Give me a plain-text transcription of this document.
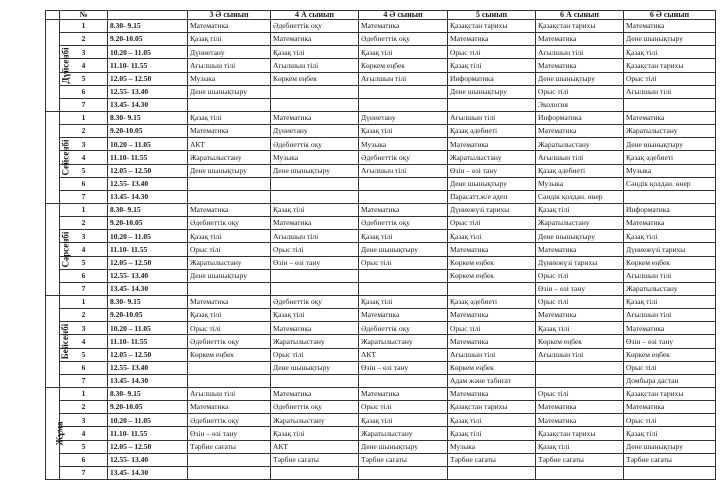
	№		3 Ә сынып	4 А сынып	4 Ә сынып	5 сынып	6 А сынып	6 Ә сынып
Дүйсенбі	1	8.30- 9.15	Математика	Әдебиеттік оқу	Математика	Қазақстан тарихы	Қазақстан тарихы	Математика
	2	9.20-10.05	Қазақ тілі	Математика	Әдебиеттік оқу	Математика	Математика	Дене шынықтыру
	3	10.20 – 11.05	Дүниетану	Қазақ тілі	Қазақ тілі	Орыс тілі	Ағылшын тілі	Қазақ тілі
	4	11.10- 11.55	Ағылшын тілі	Ағылшын тілі	Көркем еңбек	Қазақ тілі	Математика	Қазақстан тарихы
	5	12.05 – 12.50	Музыка	Көркем еңбек	Ағылшын тілі	Информатика	Дене шынықтыру	Орыс тілі
	6	12.55- 13.40	Дене шынықтыру			Дене шынықтыру	Орыс тілі	Ағылшын тілі
	7	13.45- 14.30					Экология	
Сейсенбі	1	8.30- 9.15	Қазақ тілі	Математика	Дүниетану	Ағылшын тілі	Информатика	Математика
	2	9.20-10.05	Математика	Дүниетану	Қазақ тілі	Қазақ әдебиеті	Математика	Жаратылыстану
	3	10.20 – 11.05	АКТ	Әдебиеттік оқу	Музыка	Математика	Жаратылыстану	Дене шынықтыру
	4	11.10- 11.55	Жаратылыстану	Музыка	Әдебиеттік оқу	Жаратылыстану	Ағылшын тілі	Қазақ әдебиеті
	5	12.05 – 12.50	Дене шынықтыру	Дене шынықтыру	Ағылшын тілі	Өзін – өзі тану	Қазақ әдебиеті	Музыка
	6	12.55- 13.40				Дене шынықтыру	Музыка	Сәндік қолдан. өнер
	7	13.45- 14.30				Парасатт.ж/е әдеп	Сәндік қолдан. өнер	
Сәрсенбі	1	8.30- 9.15	Математика	Қазақ тілі	Математика	Дүниежүзі тарихы	Қазақ тілі	Информатика
	2	9.20-10.05	Әдебиеттік оқу	Математика	Әдебиеттік оқу	Орыс тілі	Жаратылыстану	Математика
	3	10.20 – 11.05	Қазақ тілі	Ағылшын тілі	Қазақ тілі	Қазақ тілі	Дене шынықтыру	Қазақ тілі
	4	11.10- 11.55	Орыс тілі	Орыс тілі	Дене шынықтыру	Математика	Математика	Дүниежүзі тарихы
	5	12.05 – 12.50	Жаратылыстану	Өзін – өзі тану	Орыс тілі	Көркем еңбек	Дүниежүзі тарихы	Көркем еңбек
	6	12.55- 13.40	Дене шынықтыру			Көркем еңбек	Орыс тілі	Ағылшын тілі
	7	13.45- 14.30					Өзін – өзі тану	Жаратылыстану
Бейсенбі	1	8.30- 9.15	Математика	Әдебиеттік оқу	Қазақ тілі	Қазақ әдебиеті	Орыс тілі	Қазақ тілі
	2	9.20-10.05	Қазақ тілі	Қазақ тілі	Математика	Математика	Математика	Ағылшын тілі
	3	10.20 – 11.05	Орыс тілі	Математика	Әдебиеттік оқу	Орыс тілі	Қазақ тілі	Математика
	4	11.10- 11.55	Әдебиеттік оқу	Жаратылыстану	Жаратылыстану	Математика	Көркем еңбек	Өзін – өзі тану
	5	12.05 – 12.50	Көркем еңбек	Орыс тілі	АКТ	Ағылшын тілі	Ағылшын тілі	Көркем еңбек
	6	12.55- 13.40		Дене шынықтыру	Өзін – өзі тану	Көркем еңбек		Орыс тілі
	7	13.45- 14.30				Адам және табиғат		Домбыра дастан
Жұма	1	8.30- 9.15	Ағылшын тілі	Математика	Математика	Математика	Орыс тілі	Қазақстан тарихы
	2	9.20-10.05	Математика	Әдебиеттік оқу	Орыс тілі	Қазақстан тарихы	Математика	Математика
	3	10.20 – 11.05	Әдебиеттік оқу	Жаратылыстану	Қазақ тілі	Қазақ тілі	Математика	Орыс тілі
	4	11.10- 11.55	Өзін – өзі тану	Қазақ тілі	Жаратылыстану	Қазақ тілі	Қазақстан тарихы	Қазақ тілі
	5	12.05 – 12.50	Тәрбие сағаты	АКТ	Дене шынықтыру	Музыка	Қазақ тілі	Дене шынықтыру
	6	12.55- 13.40		Тәрбие сағаты	Тәрбие сағаты	Тәрбие сағаты	Тәрбие сағаты	Тәрбие сағаты
	7	13.45- 14.30						
